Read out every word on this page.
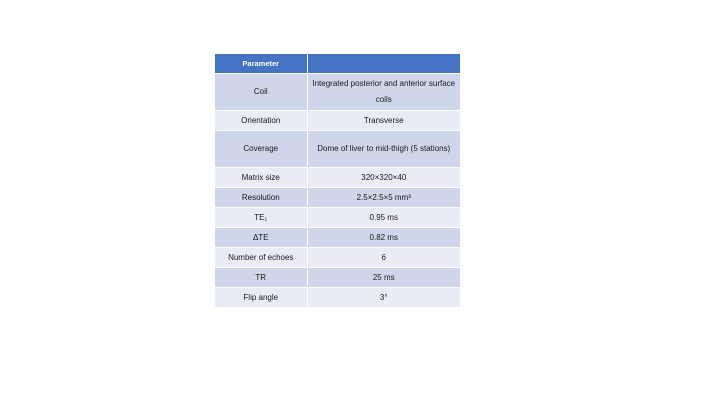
Parameter	
Coil	Integrated posterior and anterior surface coils
Orientation	Transverse
Coverage	Dome of liver to mid-thigh (5 stations)
Matrix size	320×320×40
Resolution	2.5×2.5×5 mm³
TE₁	0.95 ms
ΔTE	0.82 ms
Number of echoes	6
TR	25 ms
Flip angle	3°
